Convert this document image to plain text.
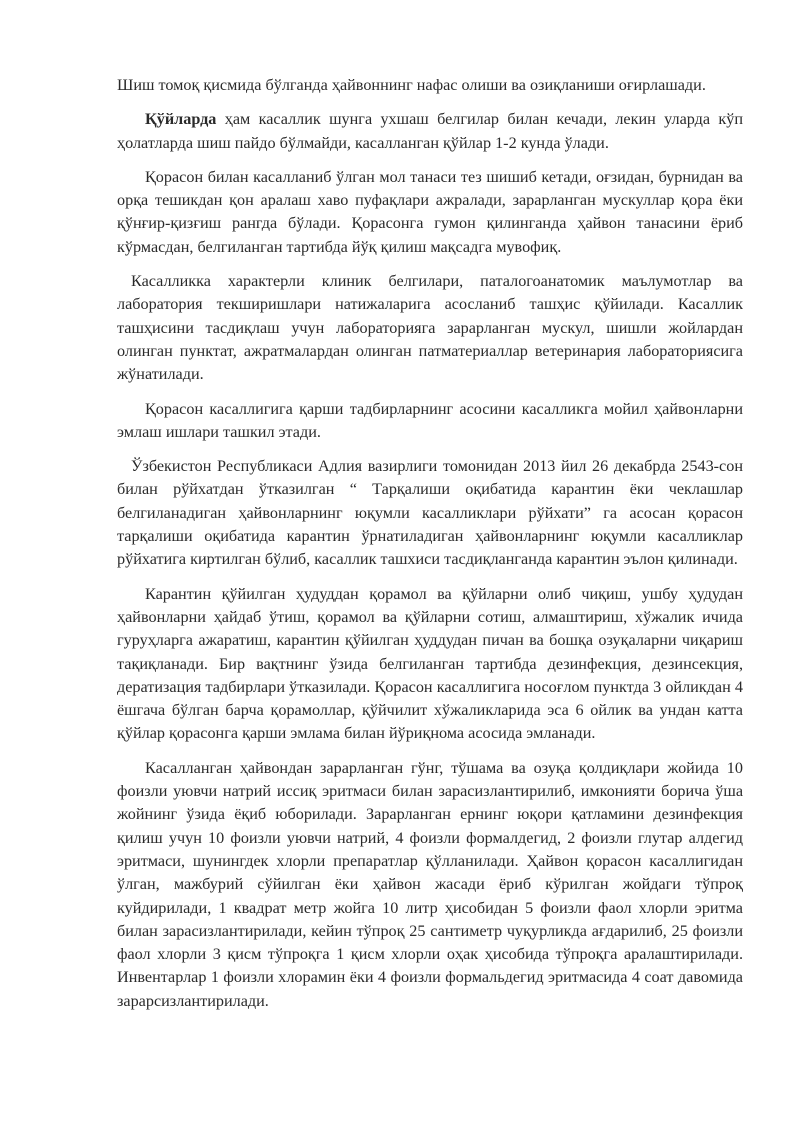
Шиш томоқ қисмида бўлганда ҳайвоннинг нафас олиши ва озиқланиши оғирлашади.

Қўйларда ҳам касаллик шунга ухшаш белгилар билан кечади, лекин уларда кўп ҳолатларда шиш пайдо бўлмайди, касалланган қўйлар 1-2 кунда ўлади.

Қорасон билан касалланиб ўлган мол танаси тез шишиб кетади, оғзидан, бурнидан ва орқа тешикдан қон аралаш хаво пуфақлари ажралади, зарарланган мускуллар қора ёки қўнғир-қизғиш рангда бўлади. Қорасонга гумон қилинганда ҳайвон танасини ёриб кўрмасдан, белгиланган тартибда йўқ қилиш мақсадга мувофиқ.

Касалликка характерли клиник белгилари, паталогоанатомик маълумотлар ва лаборатория текширишлари натижаларига асосланиб ташҳис қўйилади. Касаллик ташҳисини тасдиқлаш учун лабораторияга зарарланган мускул, шишли жойлардан олинган пунктат, ажратмалардан олинган патматериаллар ветеринария лабораториясига жўнатилади.

Қорасон касаллигига қарши тадбирларнинг асосини касалликга мойил ҳайвонларни эмлаш ишлари ташкил этади.

Ўзбекистон Республикаси Адлия вазирлиги томонидан 2013 йил 26 декабрда 2543-сон билан рўйхатдан ўтказилган “ Тарқалиши оқибатида карантин ёки чеклашлар белгиланадиган ҳайвонларнинг юқумли касалликлари рўйхати” га асосан қорасон тарқалиши оқибатида карантин ўрнатиладиган ҳайвонларнинг юқумли касалликлар рўйхатига киртилган бўлиб, касаллик ташхиси тасдиқланганда карантин эълон қилинади.

Карантин қўйилган ҳудуддан қорамол ва қўйларни олиб чиқиш, ушбу ҳудудан ҳайвонларни ҳайдаб ўтиш, қорамол ва қўйларни сотиш, алмаштириш, хўжалик ичида гуруҳларга ажаратиш, карантин қўйилган ҳуддудан пичан ва бошқа озуқаларни чиқариш тақиқланади. Бир вақтнинг ўзида белгиланган тартибда дезинфекция, дезинсекция, дератизация тадбирлари ўтказилади. Қорасон касаллигига носоғлом пунктда 3 ойликдан 4 ёшгача бўлган барча қорамоллар, қўйчилит хўжаликларида эса 6 ойлик ва ундан катта қўйлар қорасонга қарши эмлама билан йўриқнома асосида эмланади.

Касалланган ҳайвондан зарарланган гўнг, тўшама ва озуқа қолдиқлари жойида 10 фоизли уювчи натрий иссиқ эритмаси билан зарасизлантирилиб, имконияти борича ўша жойнинг ўзида ёқиб юборилади. Зарарланган ернинг юқори қатламини дезинфекция қилиш учун 10 фоизли уювчи натрий, 4 фоизли формалдегид, 2 фоизли глутар алдегид эритмаси, шунингдек хлорли препаратлар қўлланилади. Ҳайвон қорасон касаллигидан ўлган, мажбурий сўйилган ёки ҳайвон жасади ёриб кўрилган жойдаги тўпроқ куйдирилади, 1 квадрат метр жойга 10 литр ҳисобидан 5 фоизли фаол хлорли эритма билан зарасизлантирилади, кейин тўпроқ 25 сантиметр чуқурликда ағдарилиб, 25 фоизли фаол хлорли 3 қисм тўпроқга 1 қисм хлорли оҳак ҳисобида тўпроқга аралаштирилади. Инвентарлар 1 фоизли хлорамин ёки 4 фоизли формальдегид эритмасида 4 соат давомида зарарсизлантирилади.
